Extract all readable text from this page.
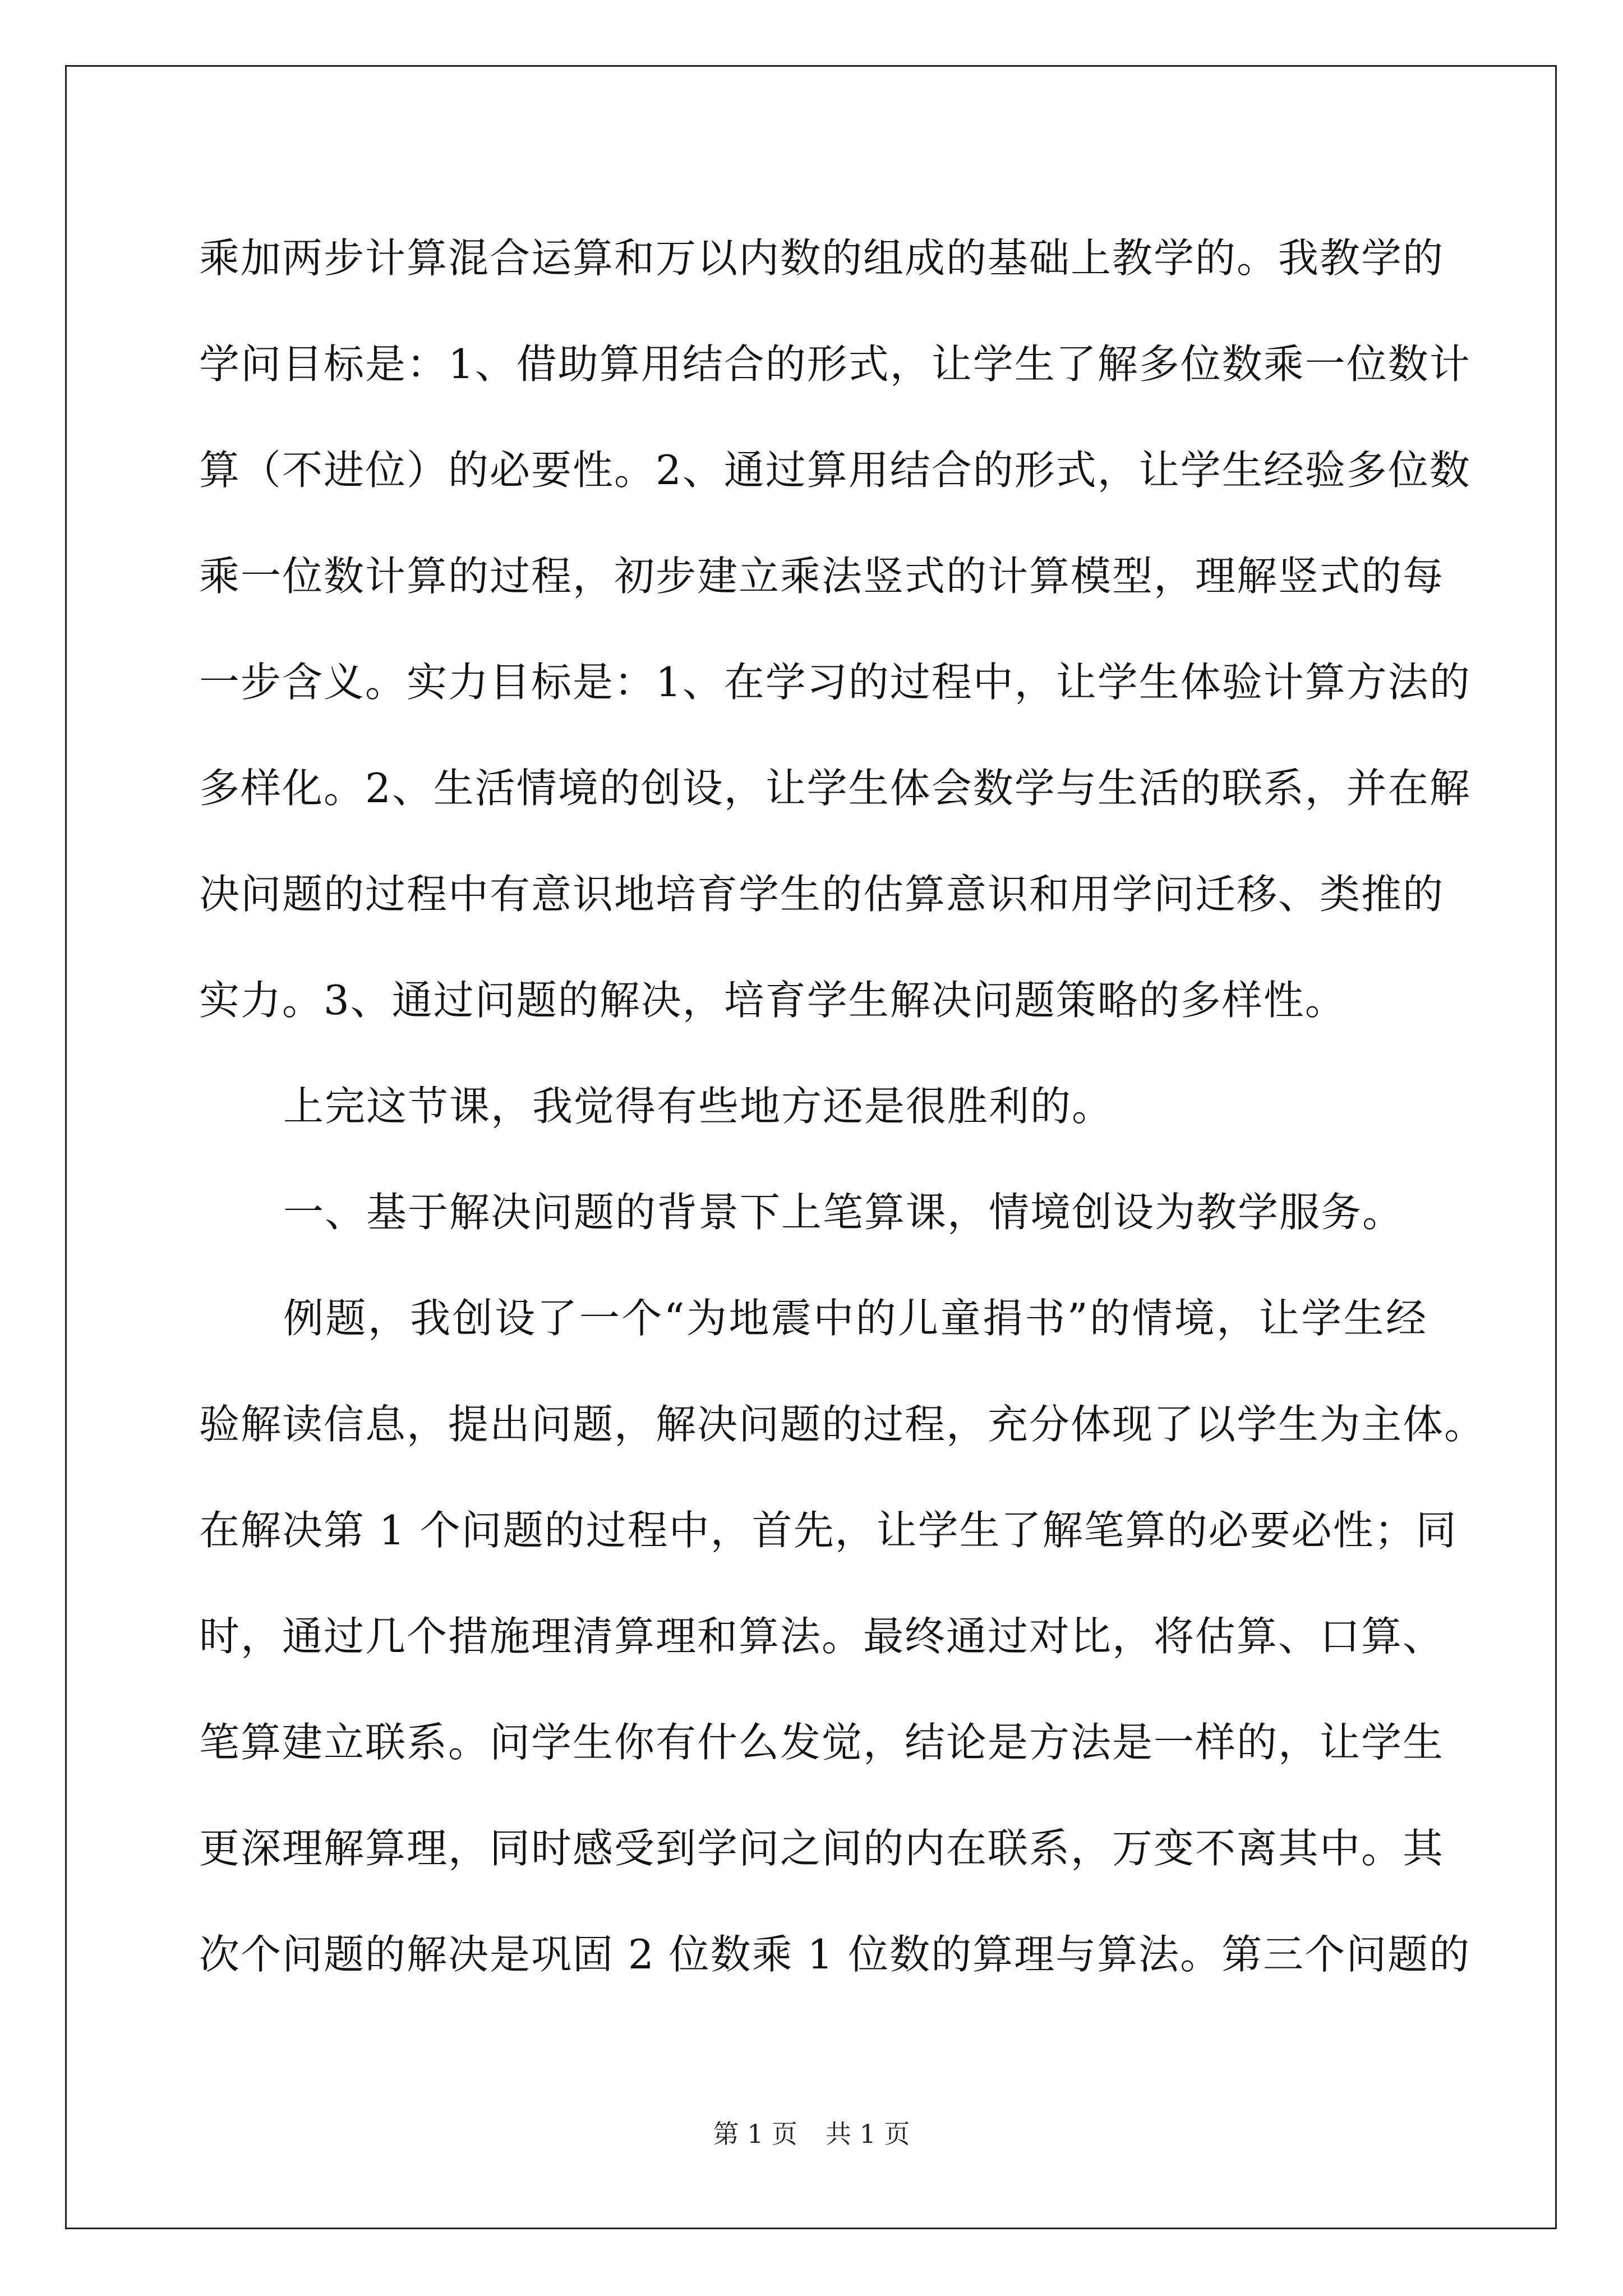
乘加两步计算混合运算和万以内数的组成的基础上教学的。我教学的
学问目标是：1、借助算用结合的形式，让学生了解多位数乘一位数计
算（不进位）的必要性。2、通过算用结合的形式，让学生经验多位数
乘一位数计算的过程，初步建立乘法竖式的计算模型，理解竖式的每
一步含义。实力目标是：1、在学习的过程中，让学生体验计算方法的
多样化。2、生活情境的创设，让学生体会数学与生活的联系，并在解
决问题的过程中有意识地培育学生的估算意识和用学问迁移、类推的
实力。3、通过问题的解决，培育学生解决问题策略的多样性。
上完这节课，我觉得有些地方还是很胜利的。
一、基于解决问题的背景下上笔算课，情境创设为教学服务。
例题，我创设了一个“为地震中的儿童捐书”的情境，让学生经
验解读信息，提出问题，解决问题的过程，充分体现了以学生为主体。
在解决第 1 个问题的过程中，首先，让学生了解笔算的必要必性；同
时，通过几个措施理清算理和算法。最终通过对比，将估算、口算、
笔算建立联系。问学生你有什么发觉，结论是方法是一样的，让学生
更深理解算理，同时感受到学问之间的内在联系，万变不离其中。其
次个问题的解决是巩固 2 位数乘 1 位数的算理与算法。第三个问题的
第 1 页 共 1 页
